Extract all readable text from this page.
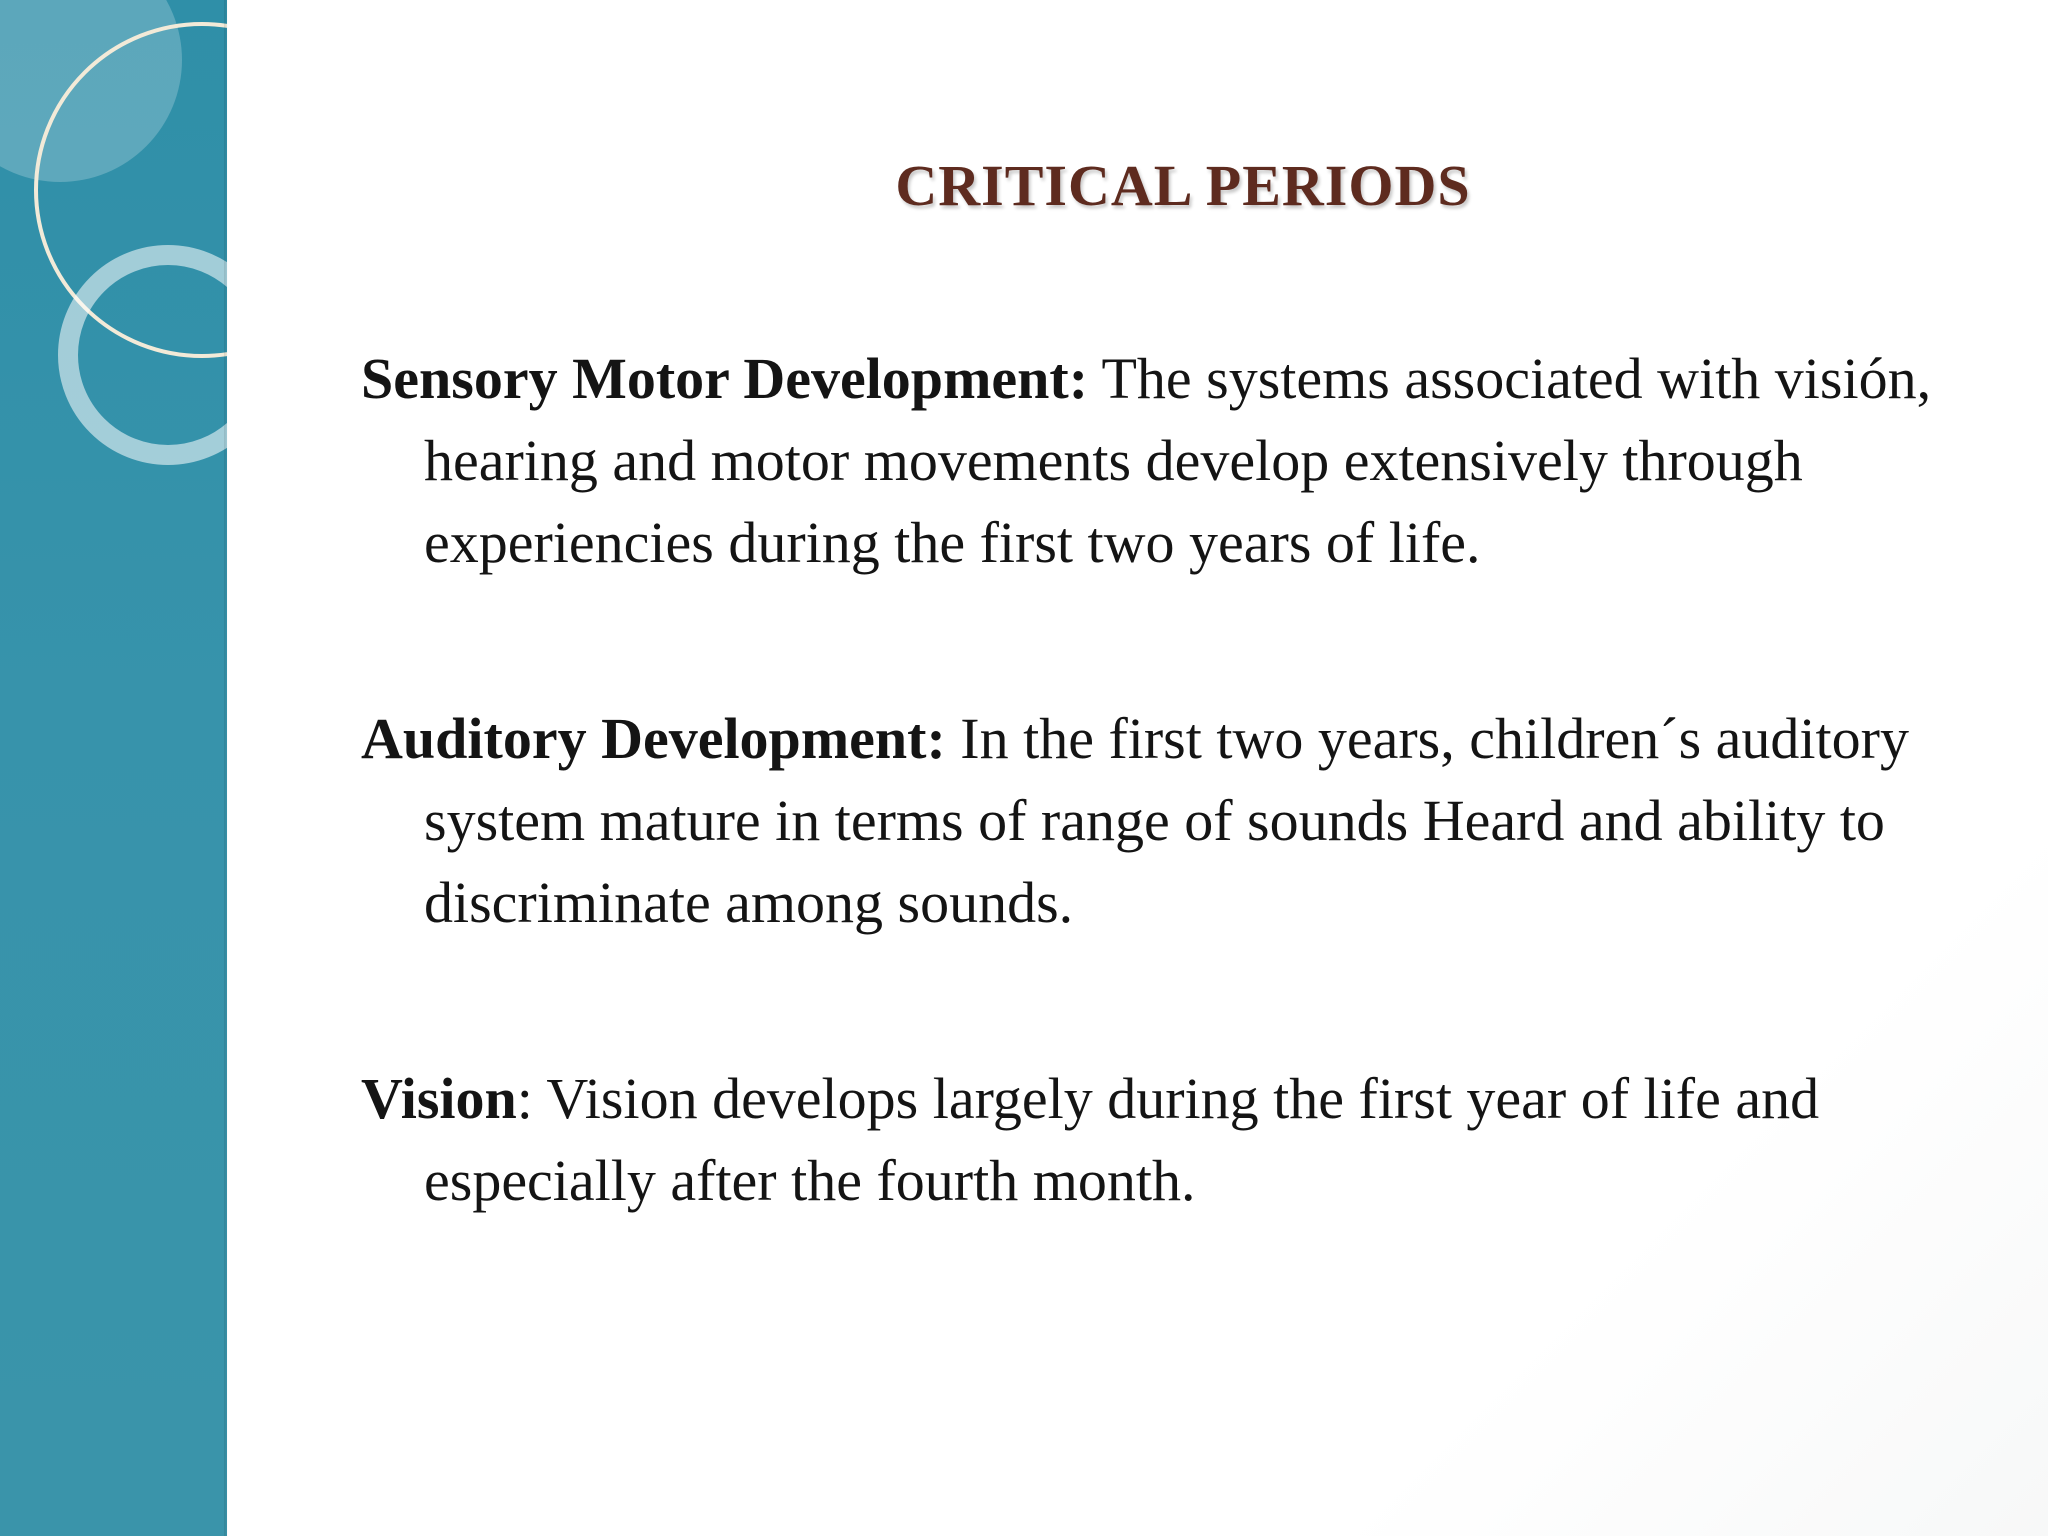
CRITICAL PERIODS

Sensory Motor Development: The systems associated with visión, hearing and motor movements develop extensively through experiencies during the first two years of life.

Auditory Development: In the first two years, children´s auditory system mature in terms of range of sounds Heard and ability to discriminate among sounds.

Vision: Vision develops largely during the first year of life and especially after the fourth month.
